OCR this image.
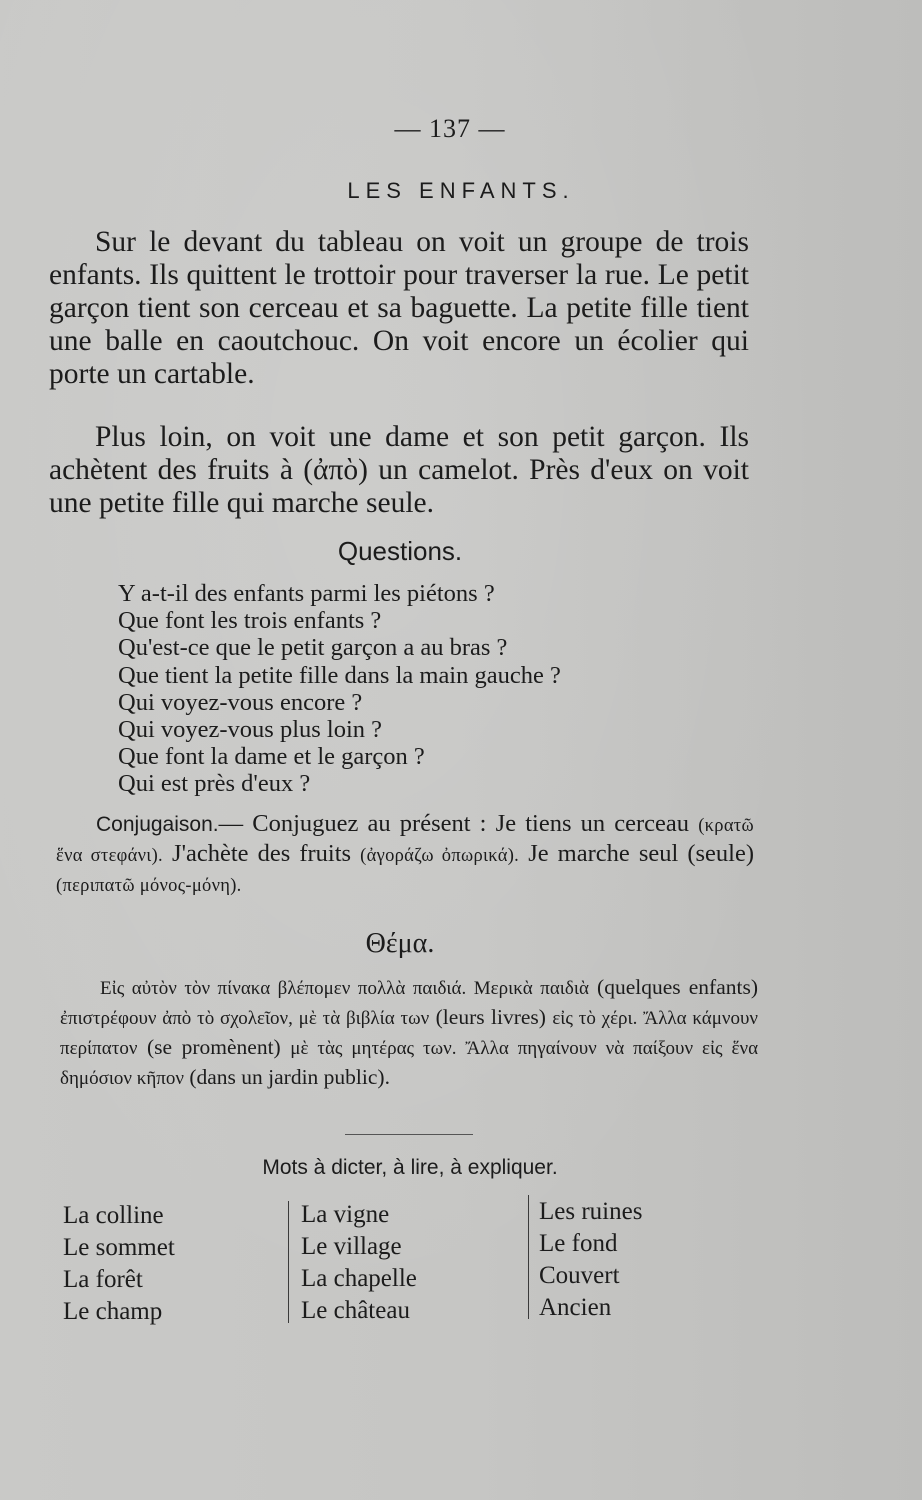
— 137 —
LES ENFANTS.

Sur le devant du tableau on voit un groupe de trois enfants. Ils quittent le trottoir pour traverser la rue. Le petit garçon tient son cerceau et sa baguette. La petite fille tient une balle en caoutchouc. On voit encore un écolier qui porte un cartable.

Plus loin, on voit une dame et son petit garçon. Ils achètent des fruits à (ἀπὸ) un camelot. Près d'eux on voit une petite fille qui marche seule.

Questions.
Y a-t-il des enfants parmi les piétons ?
Que font les trois enfants ?
Qu'est-ce que le petit garçon a au bras ?
Que tient la petite fille dans la main gauche ?
Qui voyez-vous encore ?
Qui voyez-vous plus loin ?
Que font la dame et le garçon ?
Qui est près d'eux ?

Conjugaison.— Conjuguez au présent : Je tiens un cerceau (κρατῶ ἕνα στεφάνι). J'achète des fruits (ἀγοράζω ὀπωρικά). Je marche seul (seule) (περιπατῶ μόνος-μόνη).

Θέμα.

Εἰς αὐτὸν τὸν πίνακα βλέπομεν πολλὰ παιδιά. Μερικὰ παιδιὰ (quelques enfants) ἐπιστρέφουν ἀπὸ τὸ σχολεῖον, μὲ τὰ βιβλία των (leurs livres) εἰς τὸ χέρι. Ἄλλα κάμνουν περίπατον (se promènent) μὲ τὰς μητέρας των. Ἄλλα πηγαίνουν νὰ παίξουν εἰς ἕνα δημόσιον κῆπον (dans un jardin public).

Mots à dicter, à lire, à expliquer.
La colline
Le sommet
La forêt
Le champ
La vigne
Le village
La chapelle
Le château
Les ruines
Le fond
Couvert
Ancien
